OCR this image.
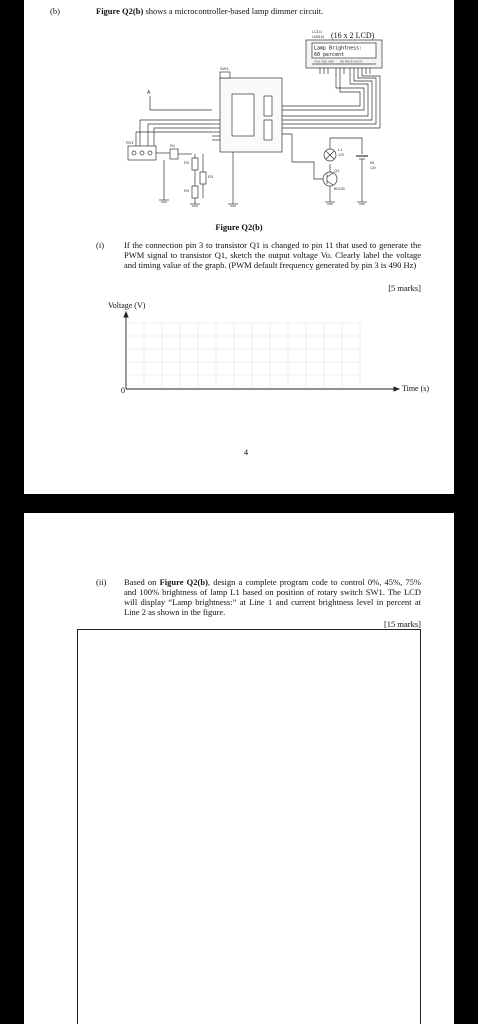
(b)	Figure Q2(b) shows a microcontroller-based lamp dimmer circuit.
LCD1
LM016L (16 x 2 LCD)
Lamp Brightness:
60 percent
VSS VDD VEE RS RW E D0-D7
SW1
RV1
R1
R2
R3
R4
L1
12V
Q1
BD139
B1
12V
A
Figure Q2(b)
(i) If the connection pin 3 to transistor Q1 is changed to pin 11 that used to generate the PWM signal to transistor Q1, sketch the output voltage Vo. Clearly label the voltage and timing value of the graph. (PWM default frequency generated by pin 3 is 490 Hz)
[5 marks]
Voltage (V)
0	Time (s)
4
(ii) Based on Figure Q2(b), design a complete program code to control 0%, 45%, 75% and 100% brightness of lamp L1 based on position of rotary switch SW1. The LCD will display “Lamp brightness:” at Line 1 and current brightness level in percent at Line 2 as shown in the figure.
[15 marks]
